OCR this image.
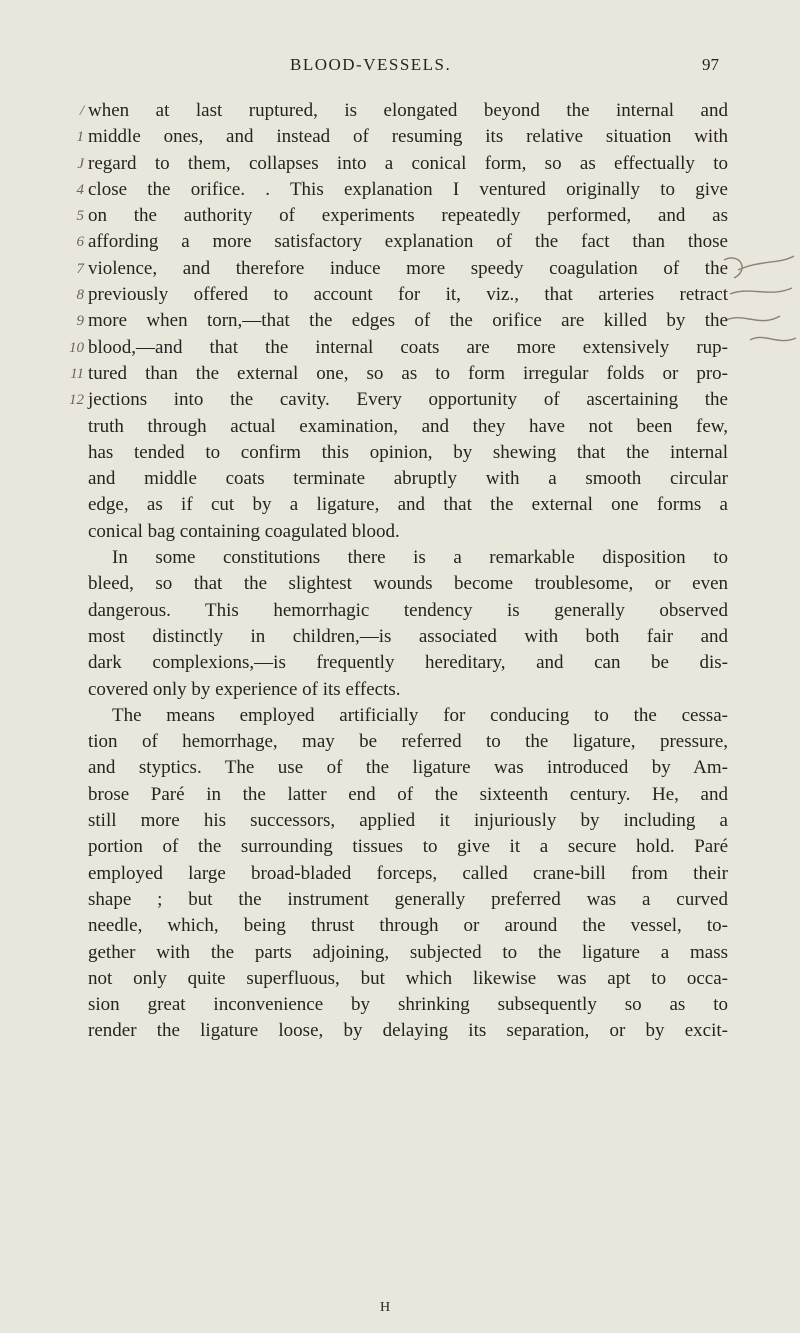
BLOOD-VESSELS.	97
/
1
J
4
5
6
7
8
9
10
11
12
when at last ruptured, is elongated beyond the internal and
middle ones, and instead of resuming its relative situation with
regard to them, collapses into a conical form, so as effectually to
close the orifice. . This explanation I ventured originally to give
on the authority of experiments repeatedly performed, and as
affording a more satisfactory explanation of the fact than those
violence, and therefore induce more speedy coagulation of the
previously offered to account for it, viz., that arteries retract
more when torn,—that the edges of the orifice are killed by the
blood,—and that the internal coats are more extensively rup-
tured than the external one, so as to form irregular folds or pro-
jections into the cavity. Every opportunity of ascertaining the
truth through actual examination, and they have not been few,
has tended to confirm this opinion, by shewing that the internal
and middle coats terminate abruptly with a smooth circular
edge, as if cut by a ligature, and that the external one forms a
conical bag containing coagulated blood.
In some constitutions there is a remarkable disposition to
bleed, so that the slightest wounds become troublesome, or even
dangerous. This hemorrhagic tendency is generally observed
most distinctly in children,—is associated with both fair and
dark complexions,—is frequently hereditary, and can be dis-
covered only by experience of its effects.
The means employed artificially for conducing to the cessa-
tion of hemorrhage, may be referred to the ligature, pressure,
and styptics. The use of the ligature was introduced by Am-
brose Paré in the latter end of the sixteenth century. He, and
still more his successors, applied it injuriously by including a
portion of the surrounding tissues to give it a secure hold. Paré
employed large broad-bladed forceps, called crane-bill from their
shape ; but the instrument generally preferred was a curved
needle, which, being thrust through or around the vessel, to-
gether with the parts adjoining, subjected to the ligature a mass
not only quite superfluous, but which likewise was apt to occa-
sion great inconvenience by shrinking subsequently so as to
render the ligature loose, by delaying its separation, or by excit-
H
